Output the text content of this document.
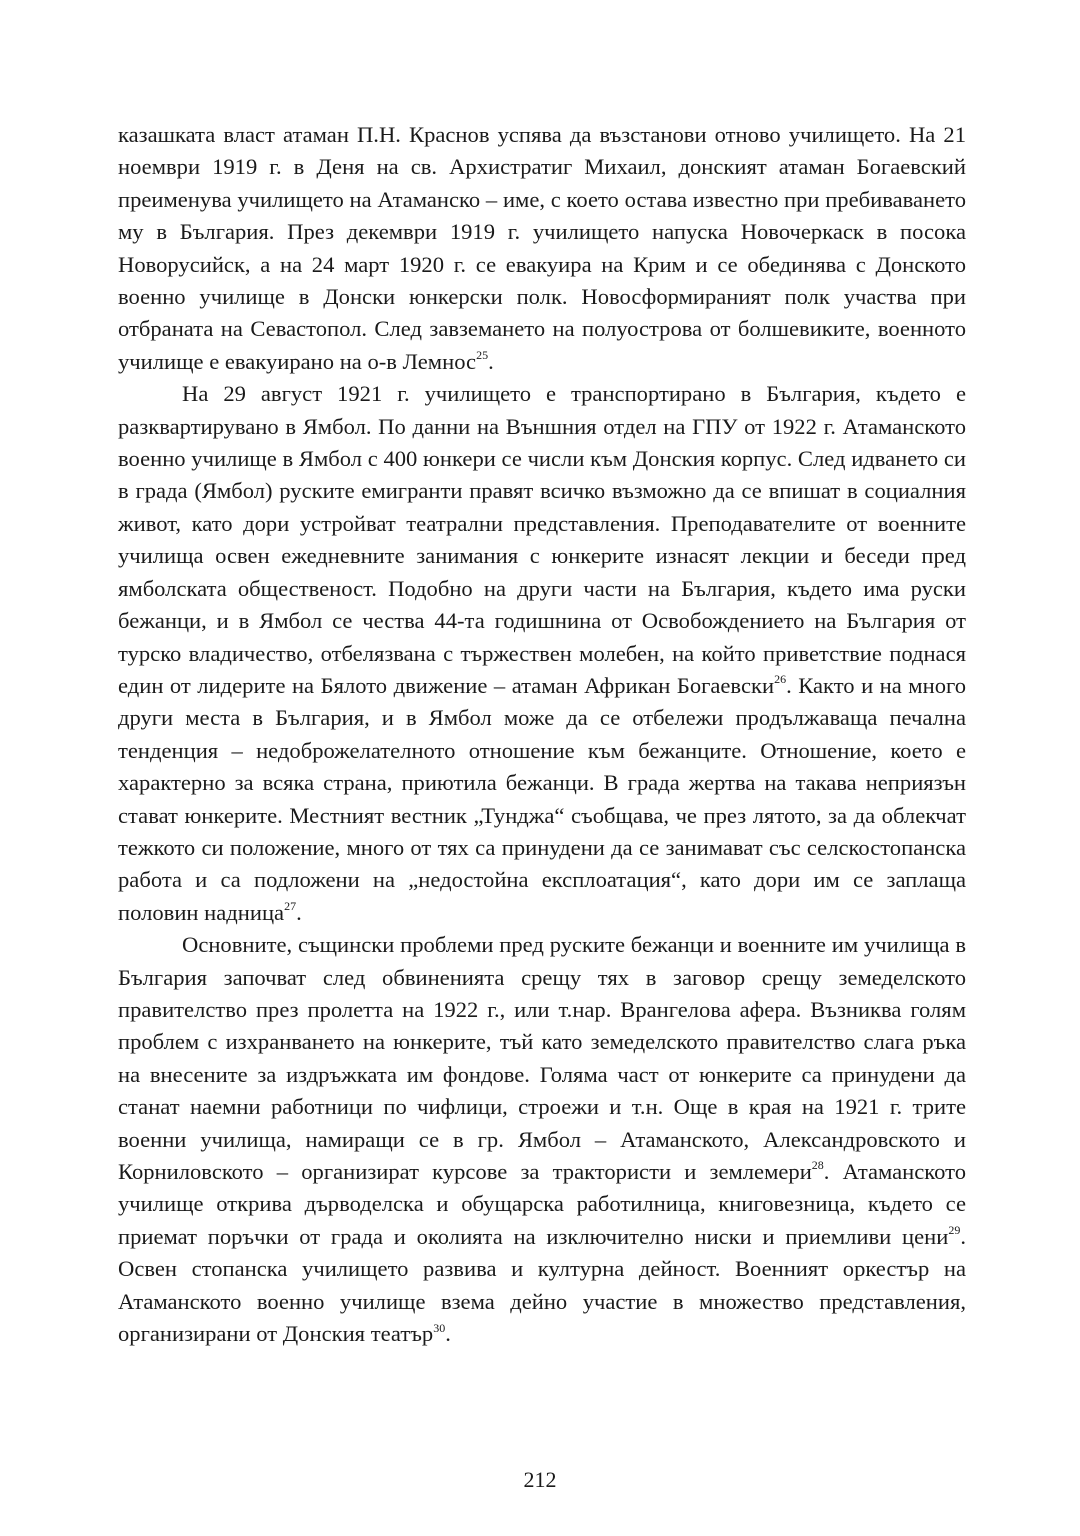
казашката власт атаман П.Н. Краснов успява да възстанови отново училището. На 21 ноември 1919 г. в Деня на св. Архистратиг Михаил, донският атаман Богаевский преименува училището на Атаманско – име, с което остава известно при пребиваването му в България. През декември 1919 г. училището напуска Новочеркаск в посока Новорусийск, а на 24 март 1920 г. се евакуира на Крим и се обединява с Донското военно училище в Донски юнкерски полк. Новосформираният полк участва при отбраната на Севастопол. След завземането на полуострова от болшевиките, военното училище е евакуирано на о-в Лемнос$^{25}$.

На 29 август 1921 г. училището е транспортирано в България, където е разквартирувано в Ямбол. По данни на Външния отдел на ГПУ от 1922 г. Атаманското военно училище в Ямбол с 400 юнкери се числи към Донския корпус. След идването си в града (Ямбол) руските емигранти правят всичко възможно да се впишат в социалния живот, като дори устройват театрални представления. Преподавателите от военните училища освен ежедневните занимания с юнкерите изнасят лекции и беседи пред ямболската общественост. Подобно на други части на България, където има руски бежанци, и в Ямбол се чества 44-та годишнина от Освобождението на България от турско владичество, отбелязвана с тържествен молебен, на който приветствие поднася един от лидерите на Бялото движение – атаман Африкан Богаевски$^{26}$. Както и на много други места в България, и в Ямбол може да се отбележи продължаваща печална тенденция – недоброжелателното отношение към бежанците. Отношение, което е характерно за всяка страна, приютила бежанци. В града жертва на такава неприязън стават юнкерите. Местният вестник „Тунджа“ съобщава, че през лятото, за да облекчат тежкото си положение, много от тях са принудени да се занимават със селскостопанска работа и са подложени на „недостойна експлоатация“, като дори им се заплаща половин надница$^{27}$.

Основните, същински проблеми пред руските бежанци и военните им училища в България започват след обвиненията срещу тях в заговор срещу земеделското правителство през пролетта на 1922 г., или т.нар. Врангелова афера. Възниква голям проблем с изхранването на юнкерите, тъй като земеделското правителство слага ръка на внесените за издръжката им фондове. Голяма част от юнкерите са принудени да станат наемни работници по чифлици, строежи и т.н. Още в края на 1921 г. трите военни училища, намиращи се в гр. Ямбол – Атаманското, Александровското и Корниловското – организират курсове за трактористи и землемери$^{28}$. Атаманското училище открива дърводелска и обущарска работилница, книговезница, където се приемат поръчки от града и околията на изключително ниски и приемливи цени$^{29}$. Освен стопанска училището развива и културна дейност. Военният оркестър на Атаманското военно училище взема дейно участие в множество представления, организирани от Донския театър$^{30}$.

212
